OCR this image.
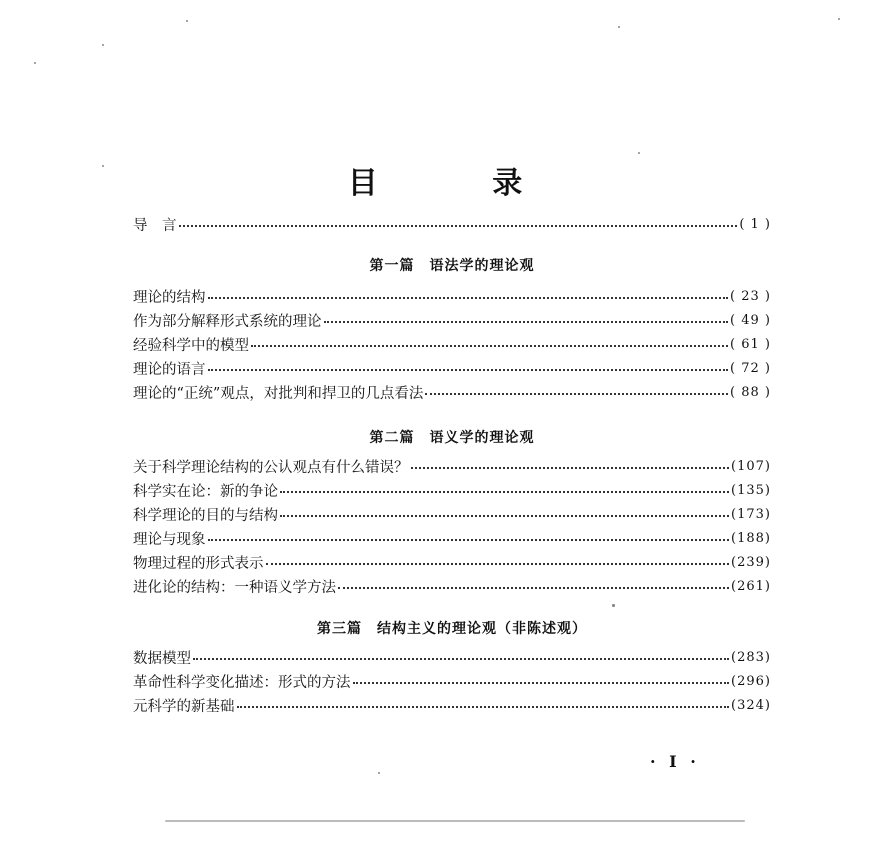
目 录
导　言	( 1 )
第一篇　语法学的理论观
理论的结构	( 23 )
作为部分解释形式系统的理论	( 49 )
经验科学中的模型	( 61 )
理论的语言	( 72 )
理论的“正统”观点，对批判和捍卫的几点看法	( 88 )
第二篇　语义学的理论观
关于科学理论结构的公认观点有什么错误？	(107)
科学实在论：新的争论	(135)
科学理论的目的与结构	(173)
理论与现象	(188)
物理过程的形式表示	(239)
进化论的结构：一种语义学方法	(261)
第三篇　结构主义的理论观（非陈述观）
数据模型	(283)
革命性科学变化描述：形式的方法	(296)
元科学的新基础	(324)
· I ·
